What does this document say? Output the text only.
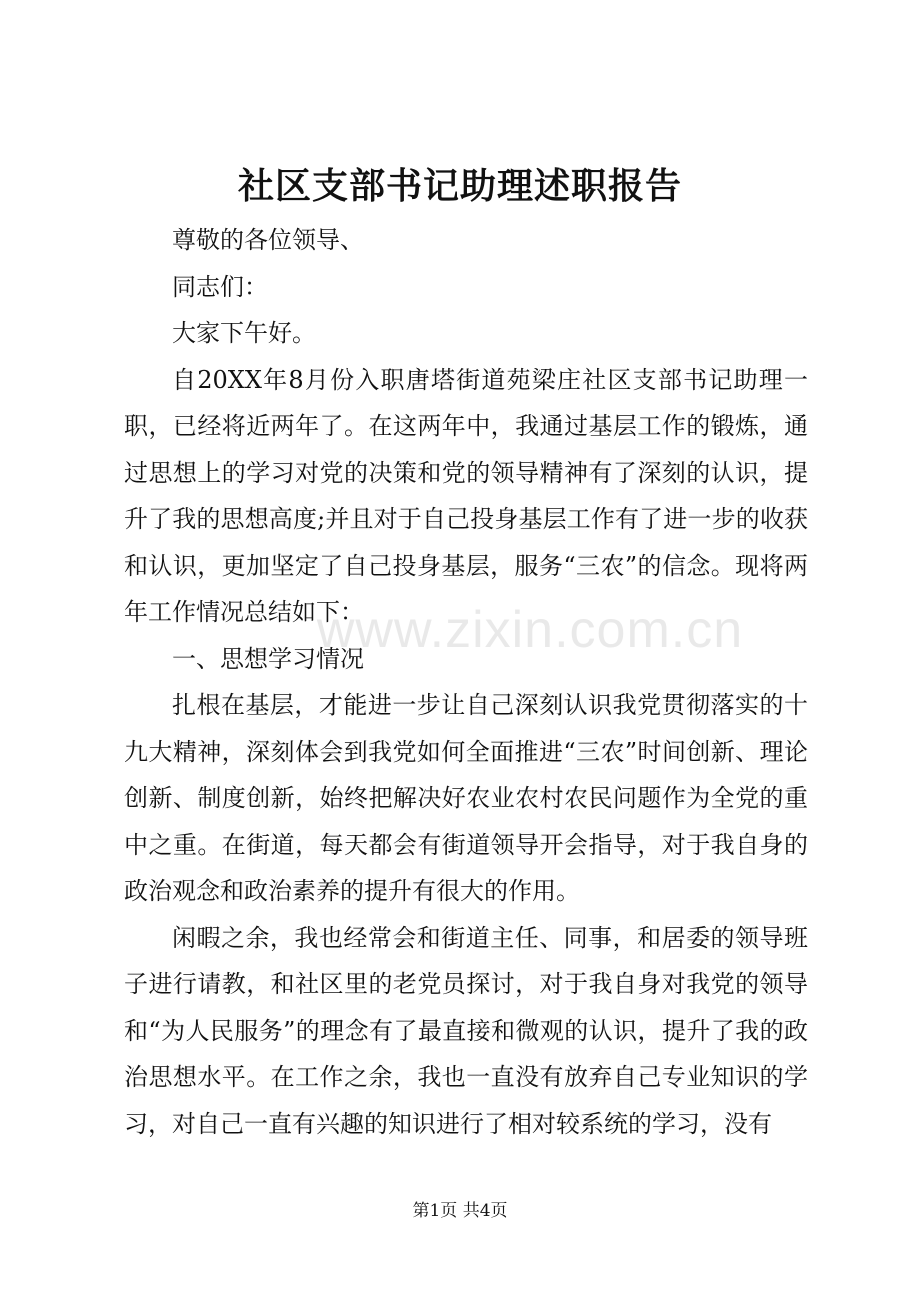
社区支部书记助理述职报告

尊敬的各位领导、

同志们：

大家下午好。

自20XX年8月份入职唐塔街道苑梁庄社区支部书记助理一职，已经将近两年了。在这两年中，我通过基层工作的锻炼，通过思想上的学习对党的决策和党的领导精神有了深刻的认识，提升了我的思想高度;并且对于自己投身基层工作有了进一步的收获和认识，更加坚定了自己投身基层，服务“三农”的信念。现将两年工作情况总结如下：

一、思想学习情况

扎根在基层，才能进一步让自己深刻认识我党贯彻落实的十九大精神，深刻体会到我党如何全面推进“三农”时间创新、理论创新、制度创新，始终把解决好农业农村农民问题作为全党的重中之重。在街道，每天都会有街道领导开会指导，对于我自身的政治观念和政治素养的提升有很大的作用。

闲暇之余，我也经常会和街道主任、同事，和居委的领导班子进行请教，和社区里的老党员探讨，对于我自身对我党的领导和“为人民服务”的理念有了最直接和微观的认识，提升了我的政治思想水平。在工作之余，我也一直没有放弃自己专业知识的学习，对自己一直有兴趣的知识进行了相对较系统的学习，没有

www.zixin.com.cn
第1页 共4页
